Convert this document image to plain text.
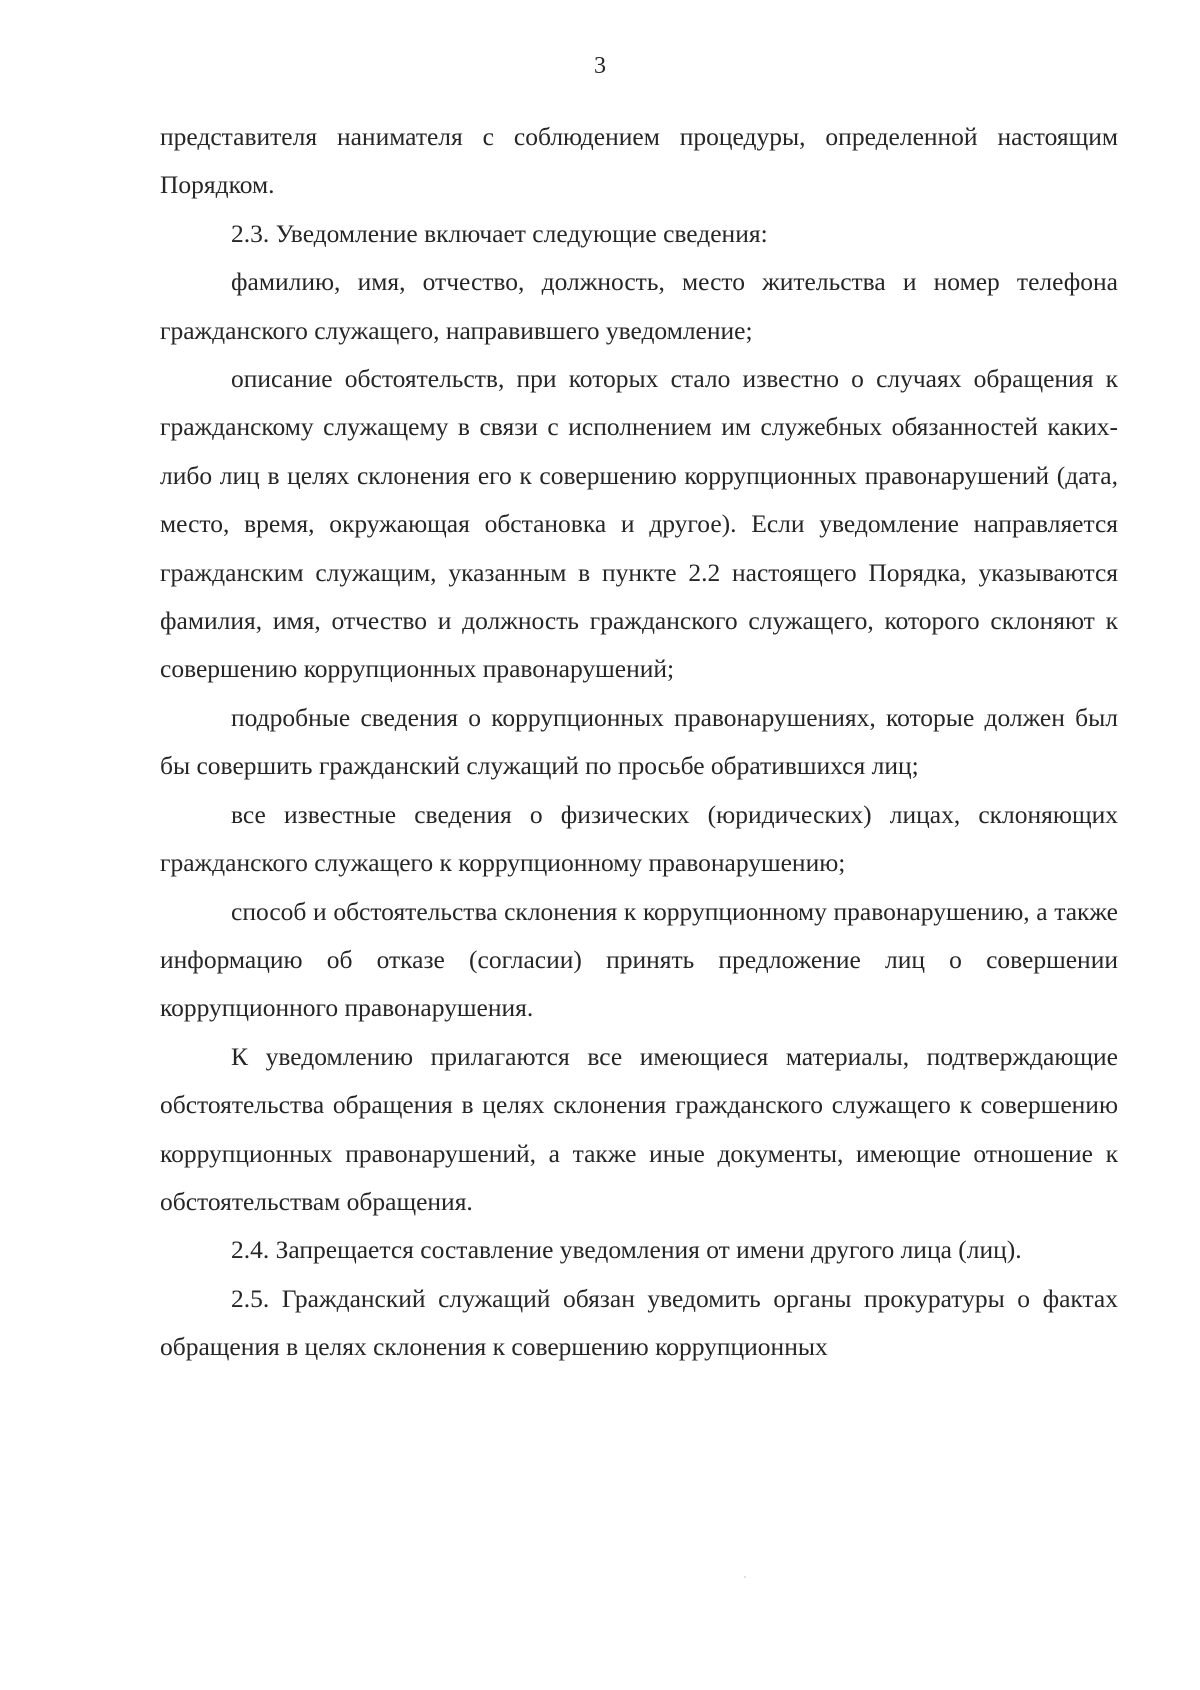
3

представителя нанимателя с соблюдением процедуры, определенной настоящим Порядком.

2.3. Уведомление включает следующие сведения:

фамилию, имя, отчество, должность, место жительства и номер телефона гражданского служащего, направившего уведомление;

описание обстоятельств, при которых стало известно о случаях обращения к гражданскому служащему в связи с исполнением им служебных обязанностей каких-либо лиц в целях склонения его к совершению коррупционных правонарушений (дата, место, время, окружающая обстановка и другое). Если уведомление направляется гражданским служащим, указанным в пункте 2.2 настоящего Порядка, указываются фамилия, имя, отчество и должность гражданского служащего, которого склоняют к совершению коррупционных правонарушений;

подробные сведения о коррупционных правонарушениях, которые должен был бы совершить гражданский служащий по просьбе обратившихся лиц;

все известные сведения о физических (юридических) лицах, склоняющих гражданского служащего к коррупционному правонарушению;

способ и обстоятельства склонения к коррупционному правонарушению, а также информацию об отказе (согласии) принять предложение лиц о совершении коррупционного правонарушения.

К уведомлению прилагаются все имеющиеся материалы, подтверждающие обстоятельства обращения в целях склонения гражданского служащего к совершению коррупционных правонарушений, а также иные документы, имеющие отношение к обстоятельствам обращения.

2.4. Запрещается составление уведомления от имени другого лица (лиц).

2.5. Гражданский служащий обязан уведомить органы прокуратуры о фактах обращения в целях склонения к совершению коррупционных
